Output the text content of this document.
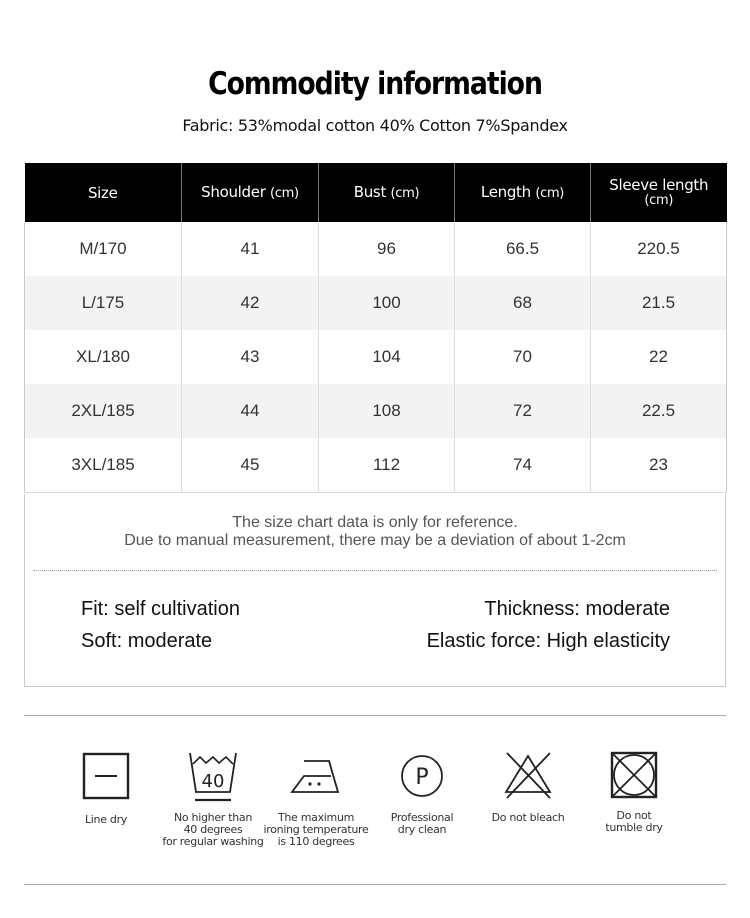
Commodity information
Fabric: 53%modal cotton 40% Cotton 7%Spandex
Size	Shoulder (cm)	Bust (cm)	Length (cm)	Sleeve length
(cm)
M/170	41	96	66.5	220.5
L/175	42	100	68	21.5
XL/180	43	104	70	22
2XL/185	44	108	72	22.5
3XL/185	45	112	74	23
The size chart data is only for reference.
Due to manual measurement, there may be a deviation of about 1-2cm
Fit: self cultivation
Soft: moderate
Thickness: moderate
Elastic force: High elasticity
Line dry
40
No higher than
40 degrees
for regular washing
The maximum
ironing temperature
is 110 degrees
P
Professional
dry clean
Do not bleach	Do not
tumble dry
